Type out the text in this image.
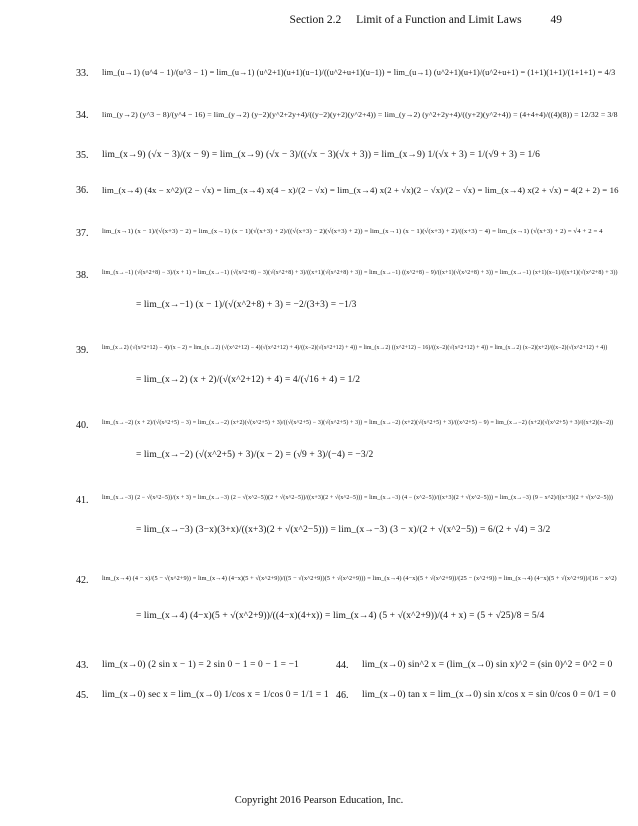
Section 2.2 Limit of a Function and Limit Laws	49
33. lim_(u→1) (u^4 − 1)/(u^3 − 1) = lim_(u→1) (u^2+1)(u+1)(u−1)/((u^2+u+1)(u−1)) = lim_(u→1) (u^2+1)(u+1)/(u^2+u+1) = (1+1)(1+1)/(1+1+1) = 4/3
34. lim_(y→2) (y^3 − 8)/(y^4 − 16) = lim_(y→2) (y−2)(y^2+2y+4)/((y−2)(y+2)(y^2+4)) = lim_(y→2) (y^2+2y+4)/((y+2)(y^2+4)) = (4+4+4)/((4)(8)) = 12/32 = 3/8
35. lim_(x→9) (√x − 3)/(x − 9) = lim_(x→9) (√x − 3)/((√x − 3)(√x + 3)) = lim_(x→9) 1/(√x + 3) = 1/(√9 + 3) = 1/6
36. lim_(x→4) (4x − x^2)/(2 − √x) = lim_(x→4) x(4 − x)/(2 − √x) = lim_(x→4) x(2 + √x)(2 − √x)/(2 − √x) = lim_(x→4) x(2 + √x) = 4(2 + 2) = 16
37. lim_(x→1) (x − 1)/(√(x+3) − 2) = lim_(x→1) (x − 1)(√(x+3) + 2)/((√(x+3) − 2)(√(x+3) + 2)) = lim_(x→1) (x − 1)(√(x+3) + 2)/((x+3) − 4) = lim_(x→1) (√(x+3) + 2) = √4 + 2 = 4
38. lim_(x→−1) (√(x^2+8) − 3)/(x + 1) = lim_(x→−1) (√(x^2+8) − 3)(√(x^2+8) + 3)/((x+1)(√(x^2+8) + 3)) = lim_(x→−1) ((x^2+8) − 9)/((x+1)(√(x^2+8) + 3)) = lim_(x→−1) (x+1)(x−1)/((x+1)(√(x^2+8) + 3))
= lim_(x→−1) (x − 1)/(√(x^2+8) + 3) = −2/(3+3) = −1/3
39. lim_(x→2) (√(x^2+12) − 4)/(x − 2) = lim_(x→2) (√(x^2+12) − 4)(√(x^2+12) + 4)/((x−2)(√(x^2+12) + 4)) = lim_(x→2) ((x^2+12) − 16)/((x−2)(√(x^2+12) + 4)) = lim_(x→2) (x−2)(x+2)/((x−2)(√(x^2+12) + 4))
= lim_(x→2) (x + 2)/(√(x^2+12) + 4) = 4/(√16 + 4) = 1/2
40. lim_(x→−2) (x + 2)/(√(x^2+5) − 3) = lim_(x→−2) (x+2)(√(x^2+5) + 3)/((√(x^2+5) − 3)(√(x^2+5) + 3)) = lim_(x→−2) (x+2)(√(x^2+5) + 3)/((x^2+5) − 9) = lim_(x→−2) (x+2)(√(x^2+5) + 3)/((x+2)(x−2))
= lim_(x→−2) (√(x^2+5) + 3)/(x − 2) = (√9 + 3)/(−4) = −3/2
41. lim_(x→−3) (2 − √(x^2−5))/(x + 3) = lim_(x→−3) (2 − √(x^2−5))(2 + √(x^2−5))/((x+3)(2 + √(x^2−5))) = lim_(x→−3) (4 − (x^2−5))/((x+3)(2 + √(x^2−5))) = lim_(x→−3) (9 − x^2)/((x+3)(2 + √(x^2−5)))
= lim_(x→−3) (3−x)(3+x)/((x+3)(2 + √(x^2−5))) = lim_(x→−3) (3 − x)/(2 + √(x^2−5)) = 6/(2 + √4) = 3/2
42. lim_(x→4) (4 − x)/(5 − √(x^2+9)) = lim_(x→4) (4−x)(5 + √(x^2+9))/((5 − √(x^2+9))(5 + √(x^2+9))) = lim_(x→4) (4−x)(5 + √(x^2+9))/(25 − (x^2+9)) = lim_(x→4) (4−x)(5 + √(x^2+9))/(16 − x^2)
= lim_(x→4) (4−x)(5 + √(x^2+9))/((4−x)(4+x)) = lim_(x→4) (5 + √(x^2+9))/(4 + x) = (5 + √25)/8 = 5/4
43. lim_(x→0) (2 sin x − 1) = 2 sin 0 − 1 = 0 − 1 = −1	44. lim_(x→0) sin^2 x = (lim_(x→0) sin x)^2 = (sin 0)^2 = 0^2 = 0
45. lim_(x→0) sec x = lim_(x→0) 1/cos x = 1/cos 0 = 1/1 = 1 46. lim_(x→0) tan x = lim_(x→0) sin x/cos x = sin 0/cos 0 = 0/1 = 0
Copyright 2016 Pearson Education, Inc.
